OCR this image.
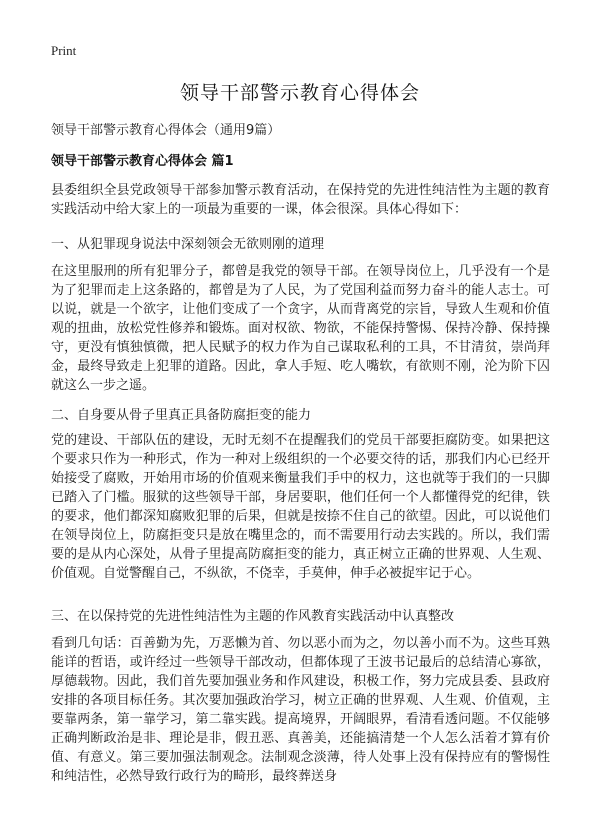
Print
领导干部警示教育心得体会
领导干部警示教育心得体会（通用9篇）
领导干部警示教育心得体会 篇1

县委组织全县党政领导干部参加警示教育活动，在保持党的先进性纯洁性为主题的教育实践活动中给大家上的一项最为重要的一课，体会很深。具体心得如下：

一、从犯罪现身说法中深刻领会无欲则刚的道理

在这里服刑的所有犯罪分子，都曾是我党的领导干部。在领导岗位上，几乎没有一个是为了犯罪而走上这条路的，都曾是为了人民，为了党国利益而努力奋斗的能人志士。可以说，就是一个欲字，让他们变成了一个贪字，从而背离党的宗旨，导致人生观和价值观的扭曲，放松党性修养和锻炼。面对权欲、物欲，不能保持警惕、保持冷静、保持操守，更没有慎独慎微，把人民赋予的权力作为自己谋取私利的工具，不甘清贫，崇尚拜金，最终导致走上犯罪的道路。因此，拿人手短、吃人嘴软，有欲则不刚，沦为阶下囚就这么一步之遥。

二、自身要从骨子里真正具备防腐拒变的能力

党的建设、干部队伍的建设，无时无刻不在提醒我们的党员干部要拒腐防变。如果把这个要求只作为一种形式，作为一种对上级组织的一个必要交待的话，那我们内心已经开始接受了腐败，开始用市场的价值观来衡量我们手中的权力，这也就等于我们的一只脚已踏入了门槛。服狱的这些领导干部，身居要职，他们任何一个人都懂得党的纪律，铁的要求，他们都深知腐败犯罪的后果，但就是按捺不住自己的欲望。因此，可以说他们在领导岗位上，防腐拒变只是放在嘴里念的，而不需要用行动去实践的。所以，我们需要的是从内心深处，从骨子里提高防腐拒变的能力，真正树立正确的世界观、人生观、价值观。自觉警醒自己，不纵欲，不侥幸，手莫伸，伸手必被捉牢记于心。

三、在以保持党的先进性纯洁性为主题的作风教育实践活动中认真整改

看到几句话：百善勤为先，万恶懒为首、勿以恶小而为之，勿以善小而不为。这些耳熟能详的哲语，或许经过一些领导干部改动，但都体现了王波书记最后的总结清心寡欲，厚德载物。因此，我们首先要加强业务和作风建设，积极工作，努力完成县委、县政府安排的各项目标任务。其次要加强政治学习，树立正确的世界观、人生观、价值观，主要靠两条，第一靠学习，第二靠实践。提高境界，开阔眼界，看清看透问题。不仅能够正确判断政治是非、理论是非，假丑恶、真善美，还能搞清楚一个人怎么活着才算有价值、有意义。第三要加强法制观念。法制观念淡薄，待人处事上没有保持应有的警惕性和纯洁性，必然导致行政行为的畸形，最终葬送身
